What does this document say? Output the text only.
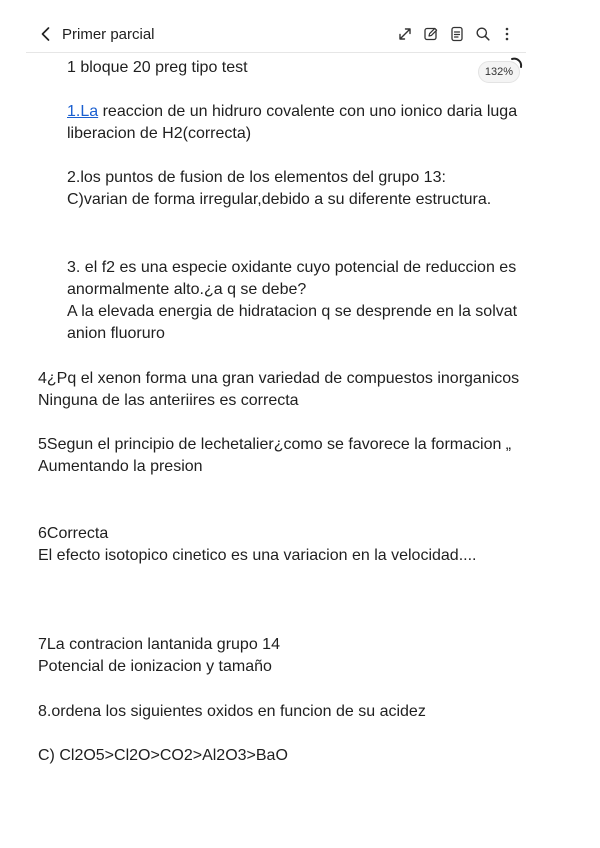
Primer parcial
1 bloque 20 preg tipo test
1.La reaccion de un hidruro covalente con uno ionico daria luga
liberacion de H2(correcta)
2.los puntos de fusion de los elementos del grupo 13:
C)varian de forma irregular,debido a su diferente estructura.
3. el f2 es una especie oxidante cuyo potencial de reduccion es
anormalmente alto.¿a q se debe?
A la elevada energia de hidratacion q se desprende en la solvat
anion fluoruro
4¿Pq el xenon forma una gran variedad de compuestos inorganicos
Ninguna de las anteriires es correcta
5Segun el principio de lechetalier¿como se favorece la formacion „
Aumentando la presion
6Correcta
El efecto isotopico cinetico es una variacion en la velocidad....
7La contracion lantanida grupo 14
Potencial de ionizacion y tamaño
8.ordena los siguientes oxidos en funcion de su acidez
C) Cl2O5>Cl2O>CO2>Al2O3>BaO
132%
